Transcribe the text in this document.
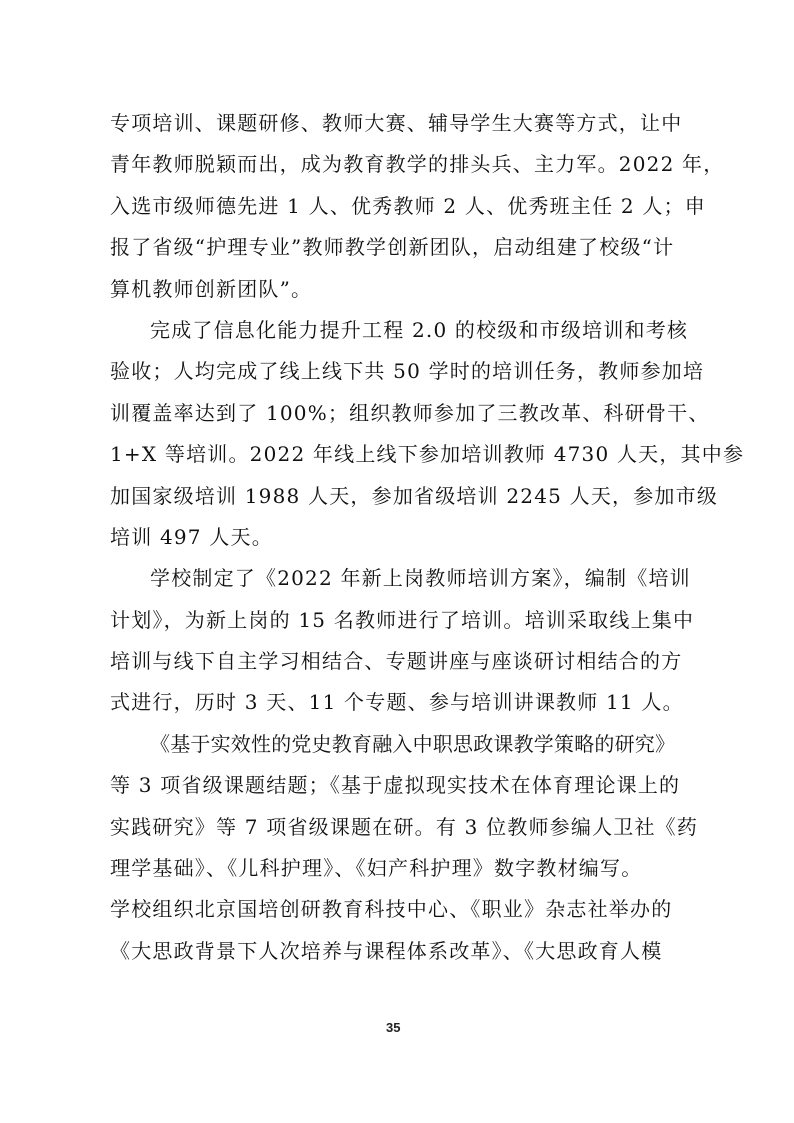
专项培训、课题研修、教师大赛、辅导学生大赛等方式，让中
青年教师脱颖而出，成为教育教学的排头兵、主力军。2022 年，
入选市级师德先进 1 人、优秀教师 2 人、优秀班主任 2 人；申
报了省级“护理专业”教师教学创新团队，启动组建了校级“计
算机教师创新团队”。
完成了信息化能力提升工程 2.0 的校级和市级培训和考核
验收；人均完成了线上线下共 50 学时的培训任务，教师参加培
训覆盖率达到了 100%；组织教师参加了三教改革、科研骨干、
1+X 等培训。2022 年线上线下参加培训教师 4730 人天，其中参
加国家级培训 1988 人天，参加省级培训 2245 人天，参加市级
培训 497 人天。
学校制定了《2022 年新上岗教师培训方案》，编制《培训
计划》，为新上岗的 15 名教师进行了培训。培训采取线上集中
培训与线下自主学习相结合、专题讲座与座谈研讨相结合的方
式进行，历时 3 天、11 个专题、参与培训讲课教师 11 人。
《基于实效性的党史教育融入中职思政课教学策略的研究》
等 3 项省级课题结题；《基于虚拟现实技术在体育理论课上的
实践研究》等 7 项省级课题在研。有 3 位教师参编人卫社《药
理学基础》、《儿科护理》、《妇产科护理》数字教材编写。
学校组织北京国培创研教育科技中心、《职业》杂志社举办的
《大思政背景下人次培养与课程体系改革》、《大思政育人模
35
